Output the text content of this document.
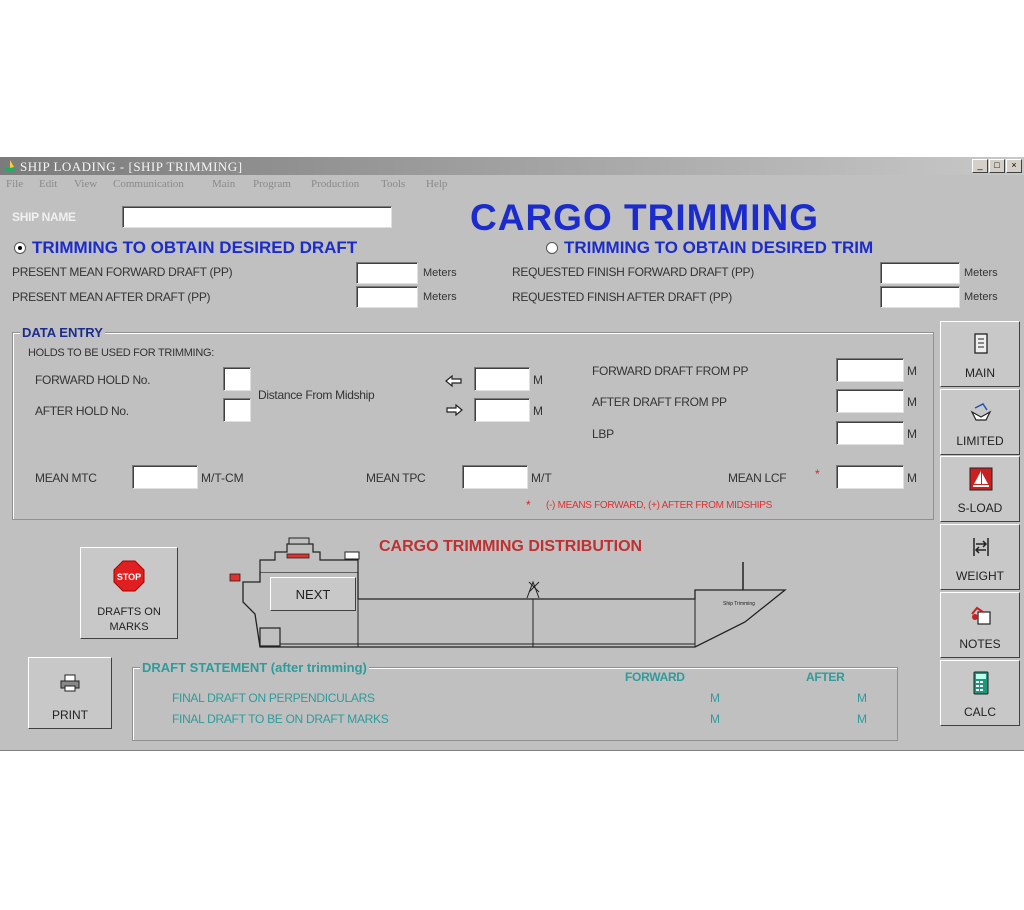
SHIP LOADING - [SHIP TRIMMING]	_	□	×
File Edit View Communication	Main Program Production Tools Help
SHIP NAME	CARGO TRIMMING
TRIMMING TO OBTAIN DESIRED DRAFT	TRIMMING TO OBTAIN DESIRED TRIM
PRESENT MEAN FORWARD DRAFT (PP)	Meters
PRESENT MEAN AFTER DRAFT (PP)	Meters
REQUESTED FINISH FORWARD DRAFT (PP)	Meters
REQUESTED FINISH AFTER DRAFT (PP)	Meters
DATA ENTRY
HOLDS TO BE USED FOR TRIMMING:
FORWARD HOLD No.
AFTER HOLD No.
Distance From Midship
M
M
FORWARD DRAFT FROM PP	M
AFTER DRAFT FROM PP	M
LBP	M
MEAN MTC	M/T-CM	MEAN TPC	M/T	MEAN LCF *	M
* (-) MEANS FORWARD, (+) AFTER FROM MIDSHIPS
STOP
DRAFTS ON MARKS
CARGO TRIMMING DISTRIBUTION
Ship Trimming
NEXT
PRINT
DRAFT STATEMENT (after trimming)
FORWARD	AFTER
FINAL DRAFT ON PERPENDICULARS	M	M
FINAL DRAFT TO BE ON DRAFT MARKS	M	M
MAIN
LIMITED
S-LOAD
WEIGHT
NOTES
CALC
